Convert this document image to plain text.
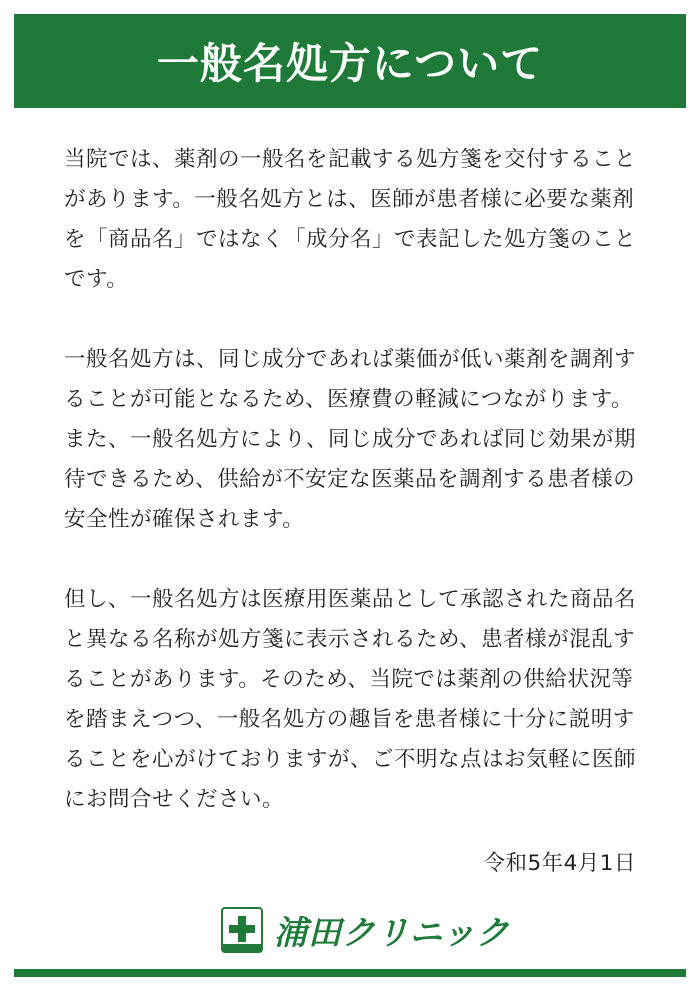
一般名処方について

当院では、薬剤の一般名を記載する処方箋を交付することがあります。一般名処方とは、医師が患者様に必要な薬剤を「商品名」ではなく「成分名」で表記した処方箋のことです。

一般名処方は、同じ成分であれば薬価が低い薬剤を調剤することが可能となるため、医療費の軽減につながります。また、一般名処方により、同じ成分であれば同じ効果が期待できるため、供給が不安定な医薬品を調剤する患者様の安全性が確保されます。

但し、一般名処方は医療用医薬品として承認された商品名と異なる名称が処方箋に表示されるため、患者様が混乱することがあります。そのため、当院では薬剤の供給状況等を踏まえつつ、一般名処方の趣旨を患者様に十分に説明することを心がけておりますが、ご不明な点はお気軽に医師にお問合せください。

令和5年4月1日
浦田クリニック
